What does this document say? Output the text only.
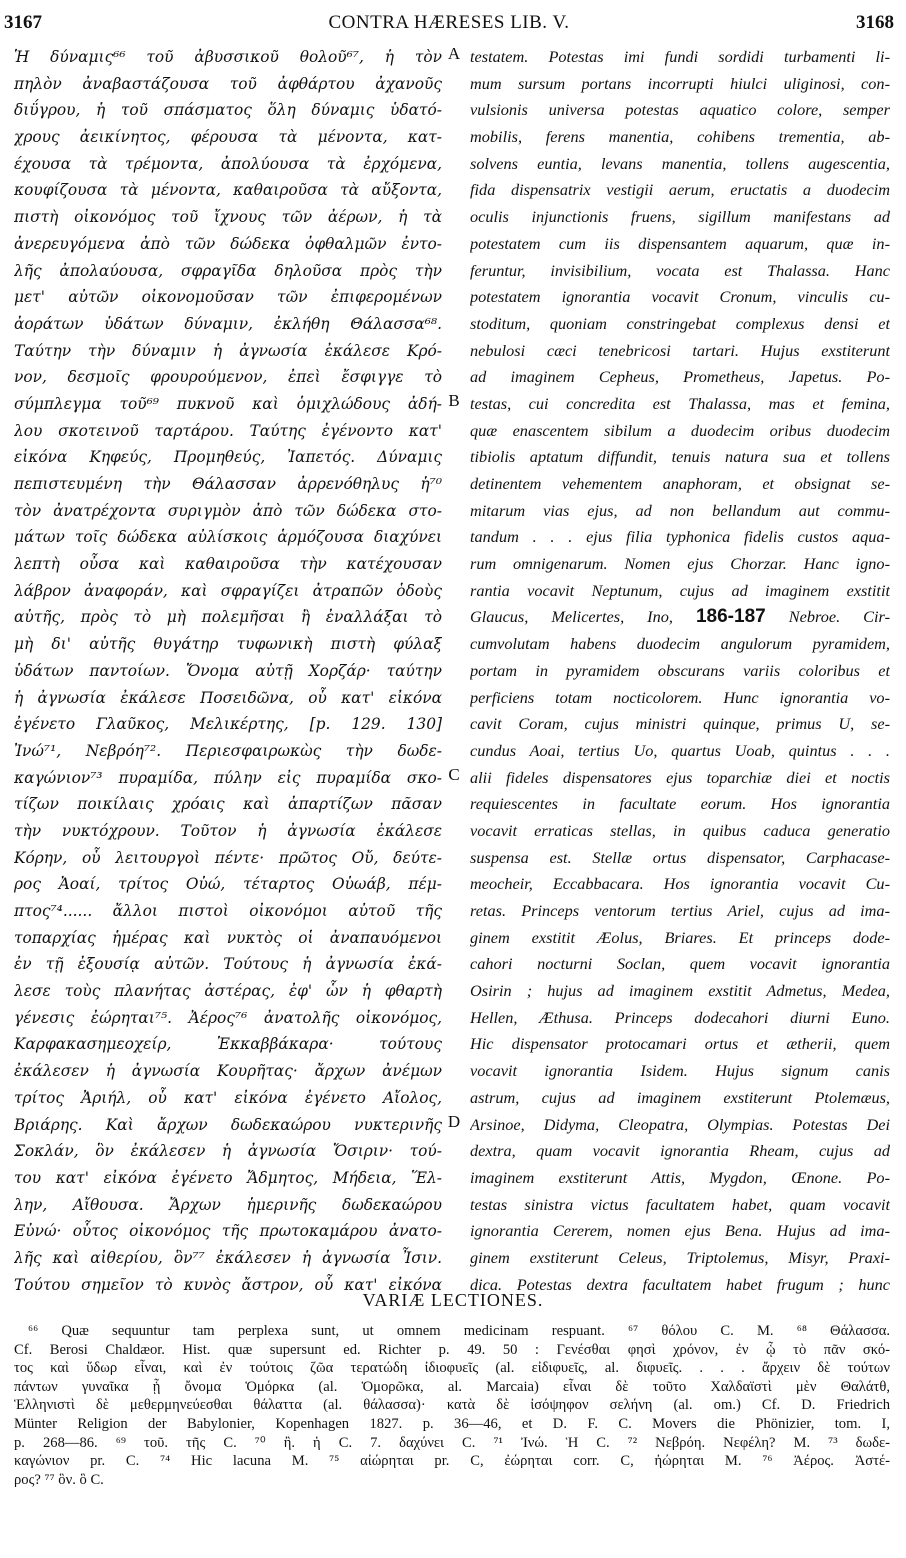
3167	CONTRA HÆRESES LIB. V.	3168
Ἡ δύναμις⁶⁶ τοῦ ἀβυσσικοῦ θολοῦ⁶⁷, ἡ τὸν
πηλὸν ἀναβαστάζουσα τοῦ ἀφθάρτου ἀχανοῦς
διΰγρου, ἡ τοῦ σπάσματος ὅλη δύναμις ὑδατό-
χρους ἀεικίνητος, φέρουσα τὰ μένοντα, κατ-
έχουσα τὰ τρέμοντα, ἀπολύουσα τὰ ἐρχόμενα,
κουφίζουσα τὰ μένοντα, καθαιροῦσα τὰ αὔξοντα,
πιστὴ οἰκονόμος τοῦ ἴχνους τῶν ἀέρων, ἡ τὰ
ἀνερευγόμενα ἀπὸ τῶν δώδεκα ὀφθαλμῶν ἐντο-
λῆς ἀπολαύουσα, σφραγῖδα δηλοῦσα πρὸς τὴν
μετ' αὐτῶν οἰκονομοῦσαν τῶν ἐπιφερομένων
ἀοράτων ὑδάτων δύναμιν, ἐκλήθη Θάλασσα⁶⁸.
Ταύτην τὴν δύναμιν ἡ ἀγνωσία ἐκάλεσε Κρό-
νον, δεσμοῖς φρουρούμενον, ἐπεὶ ἔσφιγγε τὸ
σύμπλεγμα τοῦ⁶⁹ πυκνοῦ καὶ ὁμιχλώδους ἀδή-
λου σκοτεινοῦ ταρτάρου. Ταύτης ἐγένοντο κατ'
εἰκόνα Κηφεύς, Προμηθεύς, Ἰαπετός. Δύναμις
πεπιστευμένη τὴν Θάλασσαν ἀρρενόθηλυς ἡ⁷⁰
τὸν ἀνατρέχοντα συριγμὸν ἀπὸ τῶν δώδεκα στο-
μάτων τοῖς δώδεκα αὐλίσκοις ἁρμόζουσα διαχύνει
λεπτὴ οὖσα καὶ καθαιροῦσα τὴν κατέχουσαν
λάβρον ἀναφοράν, καὶ σφραγίζει ἀτραπῶν ὁδοὺς
αὐτῆς, πρὸς τὸ μὴ πολεμῆσαι ἢ ἐναλλάξαι τὸ
μὴ δι' αὐτῆς θυγάτηρ τυφωνικὴ πιστὴ φύλαξ
ὑδάτων παντοίων. Ὄνομα αὐτῇ Χορζάρ· ταύτην
ἡ ἀγνωσία ἐκάλεσε Ποσειδῶνα, οὗ κατ' εἰκόνα
ἐγένετο Γλαῦκος, Μελικέρτης, [p. 129. 130]
Ἰνώ⁷¹, Νεβρόη⁷². Περιεσφαιρωκὼς τὴν δωδε-
καγώνιον⁷³ πυραμίδα, πύλην εἰς πυραμίδα σκο-
τίζων ποικίλαις χρόαις καὶ ἀπαρτίζων πᾶσαν
τὴν νυκτόχρουν. Τοῦτον ἡ ἀγνωσία ἐκάλεσε
Κόρην, οὗ λειτουργοὶ πέντε· πρῶτος Οὔ, δεύτε-
ρος Ἀοαί, τρίτος Οὐώ, τέταρτος Οὐωάβ, πέμ-
πτος⁷⁴...... ἄλλοι πιστοὶ οἰκονόμοι αὐτοῦ τῆς
τοπαρχίας ἡμέρας καὶ νυκτὸς οἱ ἀναπαυόμενοι
ἐν τῇ ἐξουσίᾳ αὐτῶν. Τούτους ἡ ἀγνωσία ἐκά-
λεσε τοὺς πλανήτας ἀστέρας, ἐφ' ὧν ἡ φθαρτὴ
γένεσις ἐώρηται⁷⁵. Ἀέρος⁷⁶ ἀνατολῆς οἰκονόμος,
Καρφακασημεοχείρ, Ἐκκαββάκαρα· τούτους
ἐκάλεσεν ἡ ἀγνωσία Κουρῆτας· ἄρχων ἀνέμων
τρίτος Ἀριήλ, οὗ κατ' εἰκόνα ἐγένετο Αἴολος,
Βριάρης. Καὶ ἄρχων δωδεκαώρου νυκτερινῆς
Σοκλάν, ὃν ἐκάλεσεν ἡ ἀγνωσία Ὄσιριν· τού-
του κατ' εἰκόνα ἐγένετο Ἄδμητος, Μήδεια, Ἕλ-
λην, Αἴθουσα. Ἄρχων ἡμερινῆς δωδεκαώρου
Εὐνώ· οὗτος οἰκονόμος τῆς πρωτοκαμάρου ἀνατο-
λῆς καὶ αἰθερίου, ὃν⁷⁷ ἐκάλεσεν ἡ ἀγνωσία Ἶσιν.
Τούτου σημεῖον τὸ κυνὸς ἄστρον, οὗ κατ' εἰκόνα
testatem. Potestas imi fundi sordidi turbamenti li-
mum sursum portans incorrupti hiulci uliginosi, con-
vulsionis universa potestas aquatico colore, semper
mobilis, ferens manentia, cohibens trementia, ab-
solvens euntia, levans manentia, tollens augescentia,
fida dispensatrix vestigii aerum, eructatis a duodecim
oculis injunctionis fruens, sigillum manifestans ad
potestatem cum iis dispensantem aquarum, quæ in-
feruntur, invisibilium, vocata est Thalassa. Hanc
potestatem ignorantia vocavit Cronum, vinculis cu-
stoditum, quoniam constringebat complexus densi et
nebulosi cæci tenebricosi tartari. Hujus exstiterunt
ad imaginem Cepheus, Prometheus, Japetus. Po-
testas, cui concredita est Thalassa, mas et femina,
quæ enascentem sibilum a duodecim oribus duodecim
tibiolis aptatum diffundit, tenuis natura sua et tollens
detinentem vehementem anaphoram, et obsignat se-
mitarum vias ejus, ad non bellandum aut commu-
tandum . . . ejus filia typhonica fidelis custos aqua-
rum omnigenarum. Nomen ejus Chorzar. Hanc igno-
rantia vocavit Neptunum, cujus ad imaginem exstitit
Glaucus, Melicertes, Ino, 186-187 Nebroe. Cir-
cumvolutam habens duodecim angulorum pyramidem,
portam in pyramidem obscurans variis coloribus et
perficiens totam nocticolorem. Hunc ignorantia vo-
cavit Coram, cujus ministri quinque, primus U, se-
cundus Aoai, tertius Uo, quartus Uoab, quintus . . .
alii fideles dispensatores ejus toparchiæ diei et noctis
requiescentes in facultate eorum. Hos ignorantia
vocavit erraticas stellas, in quibus caduca generatio
suspensa est. Stellæ ortus dispensator, Carphacase-
meocheir, Eccabbacara. Hos ignorantia vocavit Cu-
retas. Princeps ventorum tertius Ariel, cujus ad ima-
ginem exstitit Æolus, Briares. Et princeps dode-
cahori nocturni Soclan, quem vocavit ignorantia
Osirin ; hujus ad imaginem exstitit Admetus, Medea,
Hellen, Æthusa. Princeps dodecahori diurni Euno.
Hic dispensator protocamari ortus et ætherii, quem
vocavit ignorantia Isidem. Hujus signum canis
astrum, cujus ad imaginem exstiterunt Ptolemæus,
Arsinoe, Didyma, Cleopatra, Olympias. Potestas Dei
dextra, quam vocavit ignorantia Rheam, cujus ad
imaginem exstiterunt Attis, Mygdon, Œnone. Po-
testas sinistra victus facultatem habet, quam vocavit
ignorantia Cererem, nomen ejus Bena. Hujus ad ima-
ginem exstiterunt Celeus, Triptolemus, Misyr, Praxi-
dica. Potestas dextra facultatem habet frugum ; hunc
A
B
C
D
VARIÆ LECTIONES.
⁶⁶ Quæ sequuntur tam perplexa sunt, ut omnem medicinam respuant. ⁶⁷ θόλου C. M. ⁶⁸ Θάλασσα.
Cf. Berosi Chaldæor. Hist. quæ supersunt ed. Richter p. 49. 50 : Γενέσθαι φησὶ χρόνον, ἐν ᾧ τὸ πᾶν σκό-
τος καὶ ὕδωρ εἶναι, καὶ ἐν τούτοις ζῶα τερατώδη ἰδιοφυεῖς (al. εἰδιφυεῖς, al. διφυεῖς. . . . ἄρχειν δὲ τούτων
πάντων γυναῖκα ᾗ ὄνομα Ὁμόρκα (al. Ὁμορῶκα, al. Marcaia) εἶναι δὲ τοῦτο Χαλδαϊστὶ μὲν Θαλάτθ,
Ἑλληνιστὶ δὲ μεθερμηνεύεσθαι θάλαττα (al. θάλασσα)· κατὰ δὲ ἰσόψηφον σελήνη (al. om.) Cf. D. Friedrich
Münter Religion der Babylonier, Kopenhagen 1827. p. 36—46, et D. F. C. Movers die Phönizier, tom. I,
p. 268—86. ⁶⁹ τοῦ. τῆς C. ⁷⁰ ἢ. ἡ C. 7. δαχύνει C. ⁷¹ Ἰνώ. Ἡ C. ⁷² Νεβρόη. Νεφέλη? M. ⁷³ δωδε-
καγώνιον pr. C. ⁷⁴ Hic lacuna M. ⁷⁵ αἰώρηται pr. C, ἐώρηται corr. C, ἠώρηται M. ⁷⁶ Ἀέρος. Ἀστέ-
ρος? ⁷⁷ ὃν. ὃ C.
